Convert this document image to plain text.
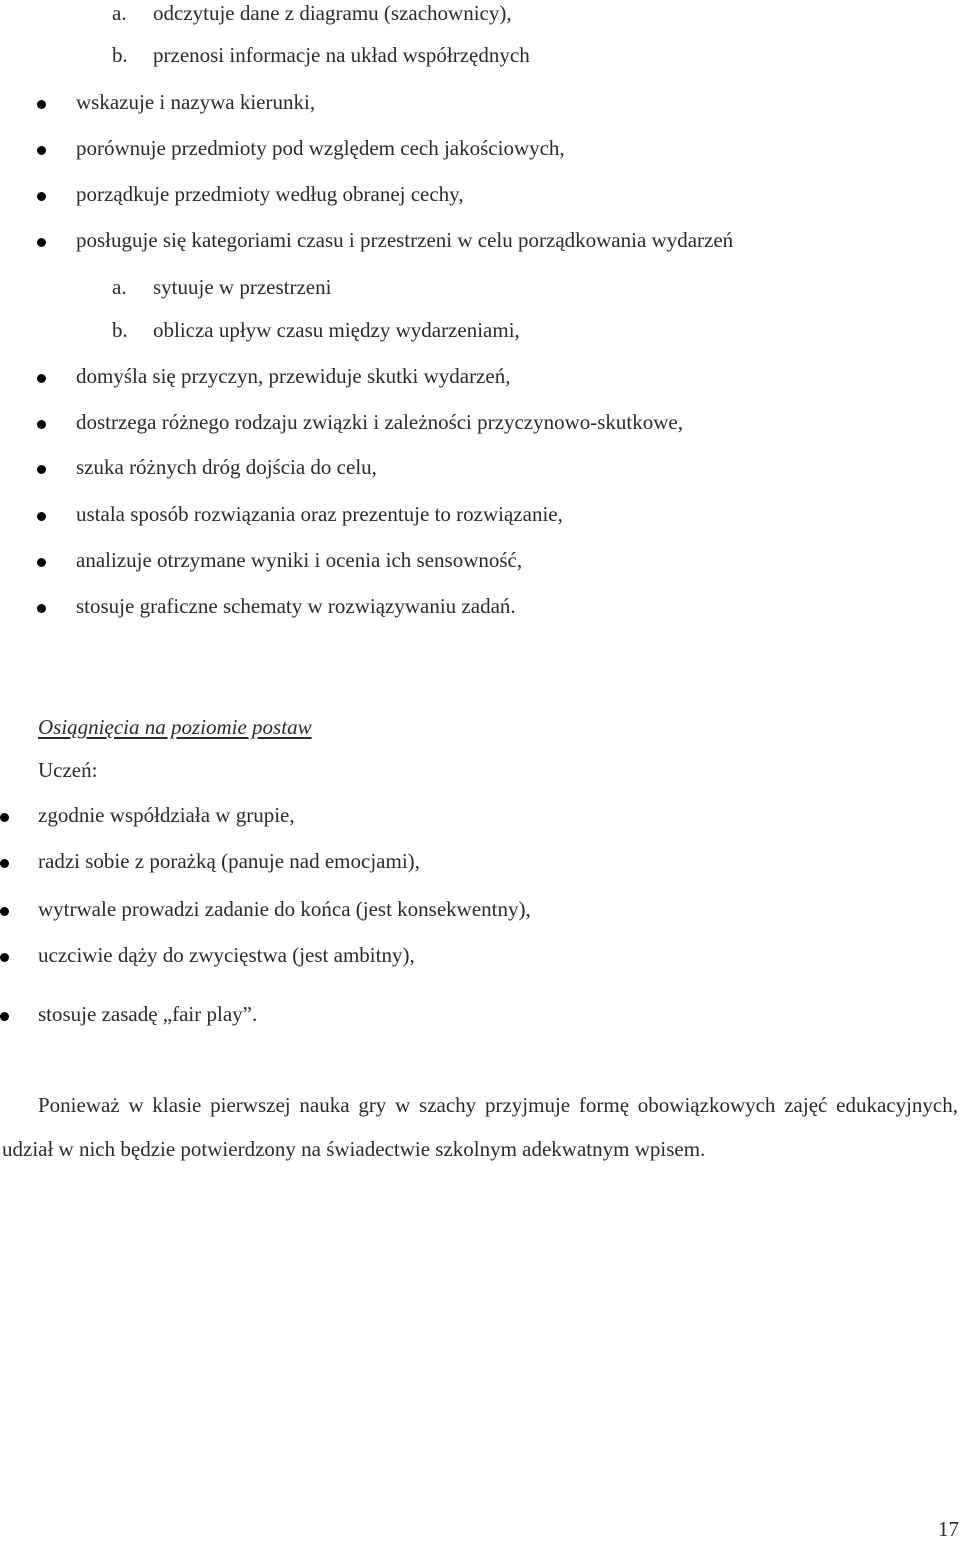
a. odczytuje dane z diagramu (szachownicy),
b. przenosi informacje na układ współrzędnych
wskazuje i nazywa kierunki,
porównuje przedmioty pod względem cech jakościowych,
porządkuje przedmioty według obranej cechy,
posługuje się kategoriami czasu i przestrzeni w celu porządkowania wydarzeń
a. sytuuje w przestrzeni
b. oblicza upływ czasu między wydarzeniami,
domyśla się przyczyn, przewiduje skutki wydarzeń,
dostrzega różnego rodzaju związki i zależności przyczynowo-skutkowe,
szuka różnych dróg dojścia do celu,
ustala sposób rozwiązania oraz prezentuje to rozwiązanie,
analizuje otrzymane wyniki i ocenia ich sensowność,
stosuje graficzne schematy w rozwiązywaniu zadań.
Osiągnięcia na poziomie postaw
Uczeń:
zgodnie współdziała w grupie,
radzi sobie z porażką (panuje nad emocjami),
wytrwale prowadzi zadanie do końca (jest konsekwentny),
uczciwie dąży do zwycięstwa (jest ambitny),
stosuje zasadę „fair play”.
Ponieważ w klasie pierwszej nauka gry w szachy przyjmuje formę obowiązkowych zajęć edukacyjnych, udział w nich będzie potwierdzony na świadectwie szkolnym adekwatnym wpisem.
17
